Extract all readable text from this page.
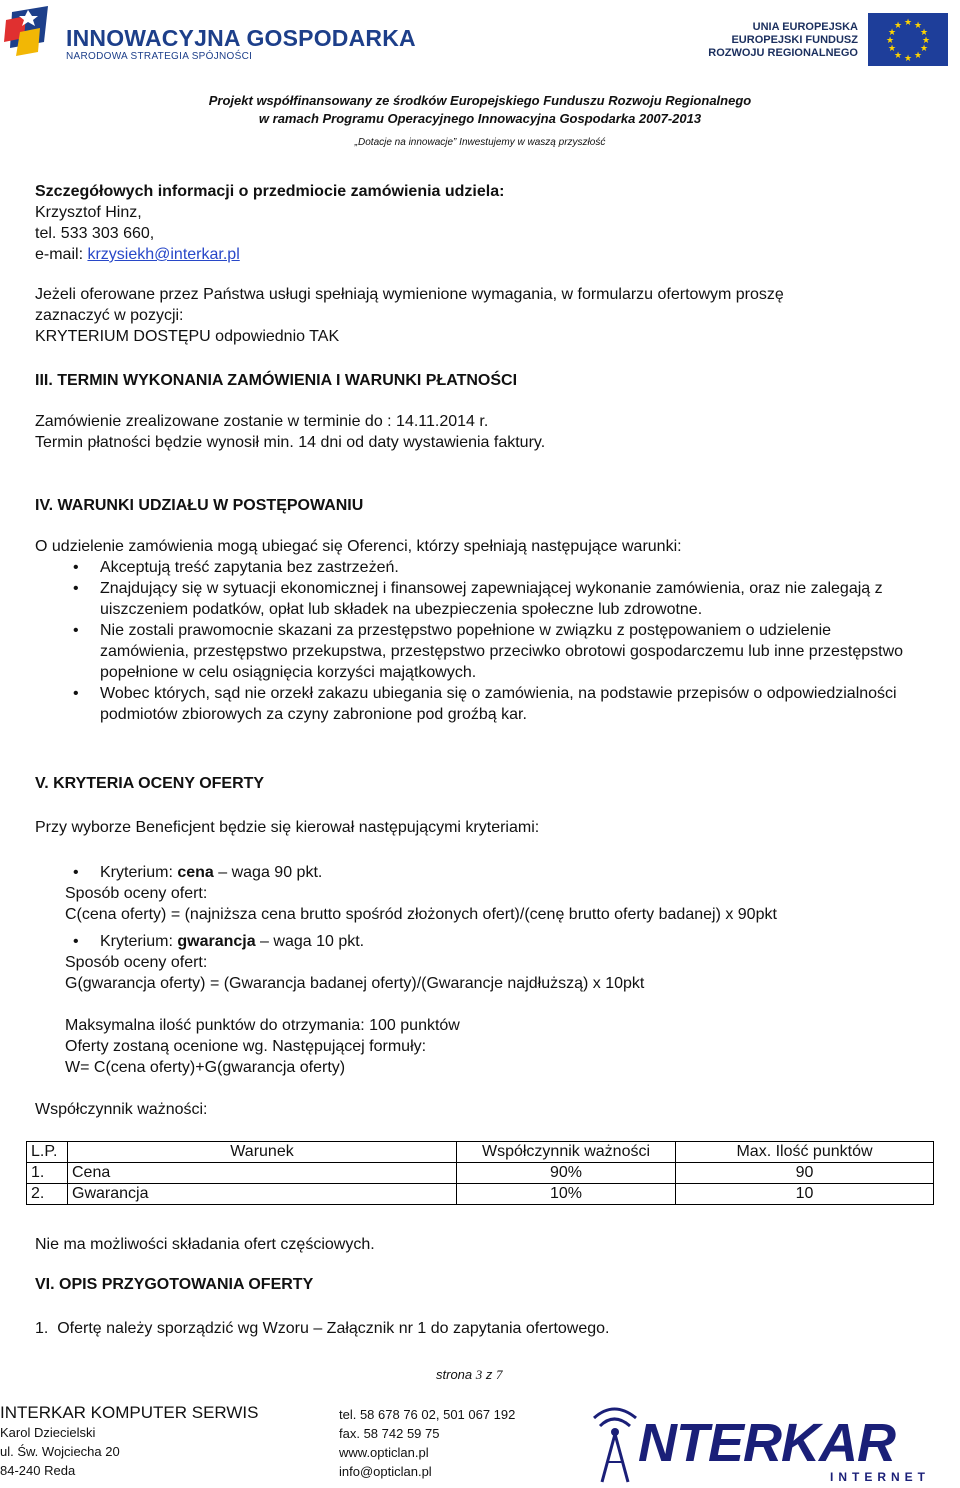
INNOWACYJNA GOSPODARKA
NARODOWA STRATEGIA SPÓJNOŚCI
UNIA EUROPEJSKA
EUROPEJSKI FUNDUSZ
ROZWOJU REGIONALNEGO
★ ★
★
★
★
★
★
★
★
★
★
★
Projekt współfinansowany ze środków Europejskiego Funduszu Rozwoju Regionalnego
w ramach Programu Operacyjnego Innowacyjna Gospodarka 2007-2013
„Dotacje na innowacje” Inwestujemy w waszą przyszłość
Szczegółowych informacji o przedmiocie zamówienia udziela:
Krzysztof Hinz,
tel. 533 303 660,
e-mail: krzysiekh@interkar.pl
Jeżeli oferowane przez Państwa usługi spełniają wymienione wymagania, w formularzu ofertowym proszę
zaznaczyć w pozycji:
KRYTERIUM DOSTĘPU odpowiednio TAK
III. TERMIN WYKONANIA ZAMÓWIENIA I WARUNKI PŁATNOŚCI
Zamówienie zrealizowane zostanie w terminie do : 14.11.2014 r.
Termin płatności będzie wynosił min. 14 dni od daty wystawienia faktury.
IV. WARUNKI UDZIAŁU W POSTĘPOWANIU
O udzielenie zamówienia mogą ubiegać się Oferenci, którzy spełniają następujące warunki:
• Akceptują treść zapytania bez zastrzeżeń.
• Znajdujący się w sytuacji ekonomicznej i finansowej zapewniającej wykonanie zamówienia, oraz nie zalegają z uiszczeniem podatków, opłat lub składek na ubezpieczenia społeczne lub zdrowotne.
• Nie zostali prawomocnie skazani za przestępstwo popełnione w związku z postępowaniem o udzielenie zamówienia, przestępstwo przekupstwa, przestępstwo przeciwko obrotowi gospodarczemu lub inne przestępstwo popełnione w celu osiągnięcia korzyści majątkowych.
• Wobec których, sąd nie orzekł zakazu ubiegania się o zamówienia, na podstawie przepisów o odpowiedzialności podmiotów zbiorowych za czyny zabronione pod groźbą kar.
V. KRYTERIA OCENY OFERTY
Przy wyborze Beneficjent będzie się kierował następującymi kryteriami:
• Kryterium: cena – waga 90 pkt.
Sposób oceny ofert:
C(cena oferty) = (najniższa cena brutto spośród złożonych ofert)/(cenę brutto oferty badanej) x 90pkt
• Kryterium: gwarancja – waga 10 pkt.
Sposób oceny ofert:
G(gwarancja oferty) = (Gwarancja badanej oferty)/(Gwarancje najdłuższą) x 10pkt
Maksymalna ilość punktów do otrzymania: 100 punktów
Oferty zostaną ocenione wg. Następującej formuły:
W= C(cena oferty)+G(gwarancja oferty)
Współczynnik ważności:
L.P.	Warunek	Współczynnik ważności	Max. Ilość punktów
1.	Cena	90%	90
2.	Gwarancja	10%	10
Nie ma możliwości składania ofert częściowych.
VI. OPIS PRZYGOTOWANIA OFERTY
1. Ofertę należy sporządzić wg Wzoru – Załącznik nr 1 do zapytania ofertowego.
strona 3 z 7
INTERKAR KOMPUTER SERWIS
Karol Dziecielski
ul. Św. Wojciecha 20
84-240 Reda
tel. 58 678 76 02, 501 067 192
fax. 58 742 59 75
www.opticlan.pl
info@opticlan.pl	NTERKAR
INTERNET
